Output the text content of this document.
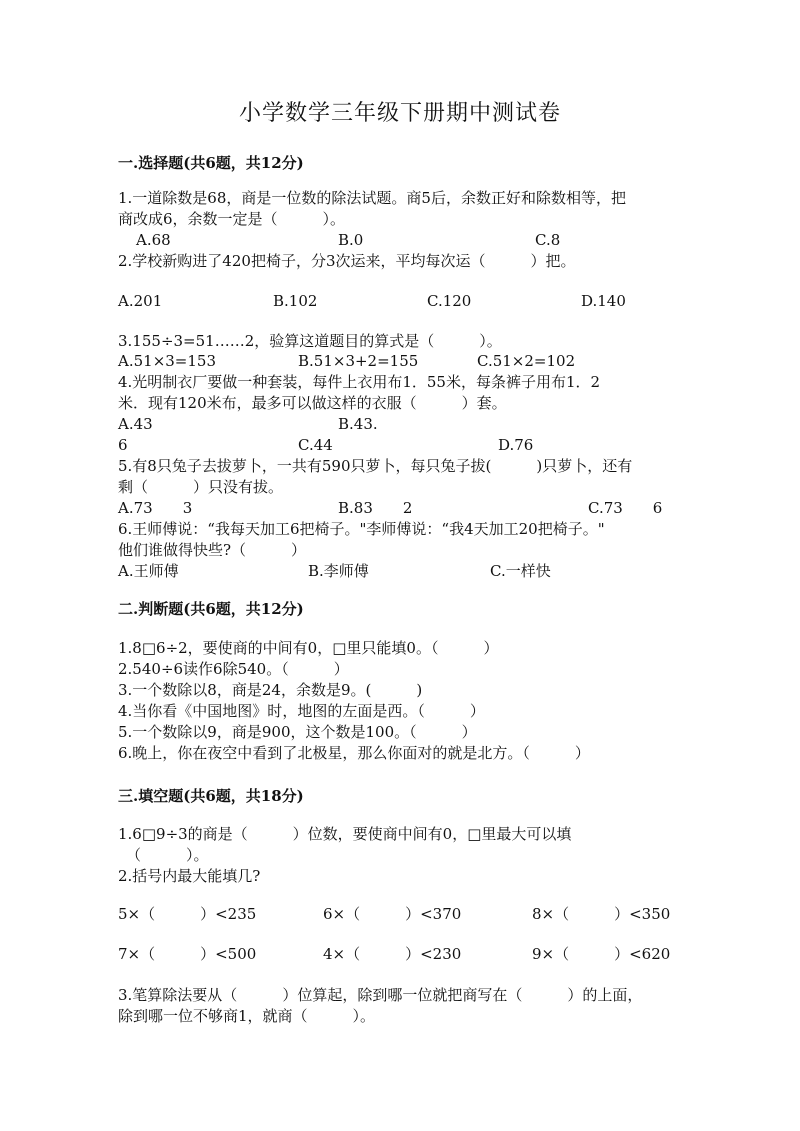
小学数学三年级下册期中测试卷
一.选择题(共6题，共12分)
1.一道除数是68，商是一位数的除法试题。商5后，余数正好和除数相等，把
商改成6，余数一定是（　　　）。
A.68	B.0	C.8
2.学校新购进了420把椅子，分3次运来，平均每次运（　　　）把。
A.201	B.102	C.120	D.140
3.155÷3=51……2，验算这道题目的算式是（　　　）。
A.51×3=153	B.51×3+2=155	C.51×2=102
4.光明制衣厂要做一种套装，每件上衣用布1．55米，每条裤子用布1．2
米．现有120米布，最多可以做这样的衣服（　　　）套。
A.43	B.43.
6	C.44	D.76
5.有8只兔子去拔萝卜，一共有590只萝卜，每只兔子拔(　　　)只萝卜，还有
剩（　　　）只没有拔。
A.73　　3	B.83　　2	C.73　　6
6.王师傅说：“我每天加工6把椅子。"李师傅说：“我4天加工20把椅子。"
他们谁做得快些?（　　　）
A.王师傅	B.李师傅	C.一样快
二.判断题(共6题，共12分)
1.8□6÷2，要使商的中间有0，□里只能填0。（　　　）
2.540÷6读作6除540。（　　　）
3.一个数除以8，商是24，余数是9。(　　　)
4.当你看《中国地图》时，地图的左面是西。（　　　）
5.一个数除以9，商是900，这个数是100。（　　　）
6.晚上，你在夜空中看到了北极星，那么你面对的就是北方。（　　　）
三.填空题(共6题，共18分)
1.6□9÷3的商是（　　　）位数，要使商中间有0，□里最大可以填
（　　　）。
2.括号内最大能填几?
5×（　　　）<235	6×（　　　）<370	8×（　　　）<350
7×（　　　）<500	4×（　　　）<230	9×（　　　）<620
3.笔算除法要从（　　　）位算起，除到哪一位就把商写在（　　　）的上面，
除到哪一位不够商1，就商（　　　）。
